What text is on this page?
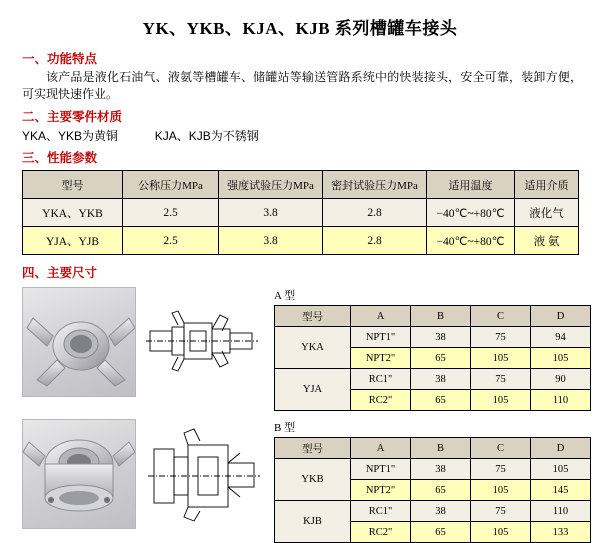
YK、YKB、KJA、KJB 系列槽罐车接头
一、功能特点
该产品是液化石油气、液氨等槽罐车、储罐站等输送管路系统中的快装接头，安全可靠，装卸方便，可实现快速作业。
二、主要零件材质
YKA、YKB为黄铜	KJA、KJB为不锈钢
三、性能参数
型号	公称压力MPa	强度试验压力MPa	密封试验压力MPa	适用温度	适用介质
YKA、YKB	2.5	3.8	2.8	−40℃~+80℃	液化气
YJA、YJB	2.5	3.8	2.8	−40℃~+80℃	液 氨
四、主要尺寸
A 型
型号	A	B	C	D
YKA	NPT1"	38	75	94
	NPT2"	65	105	105
YJA	RC1"	38	75	90
	RC2"	65	105	110
B 型
型号	A	B	C	D
YKB	NPT1"	38	75	105
	NPT2"	65	105	145
KJB	RC1"	38	75	110
	RC2"	65	105	133
